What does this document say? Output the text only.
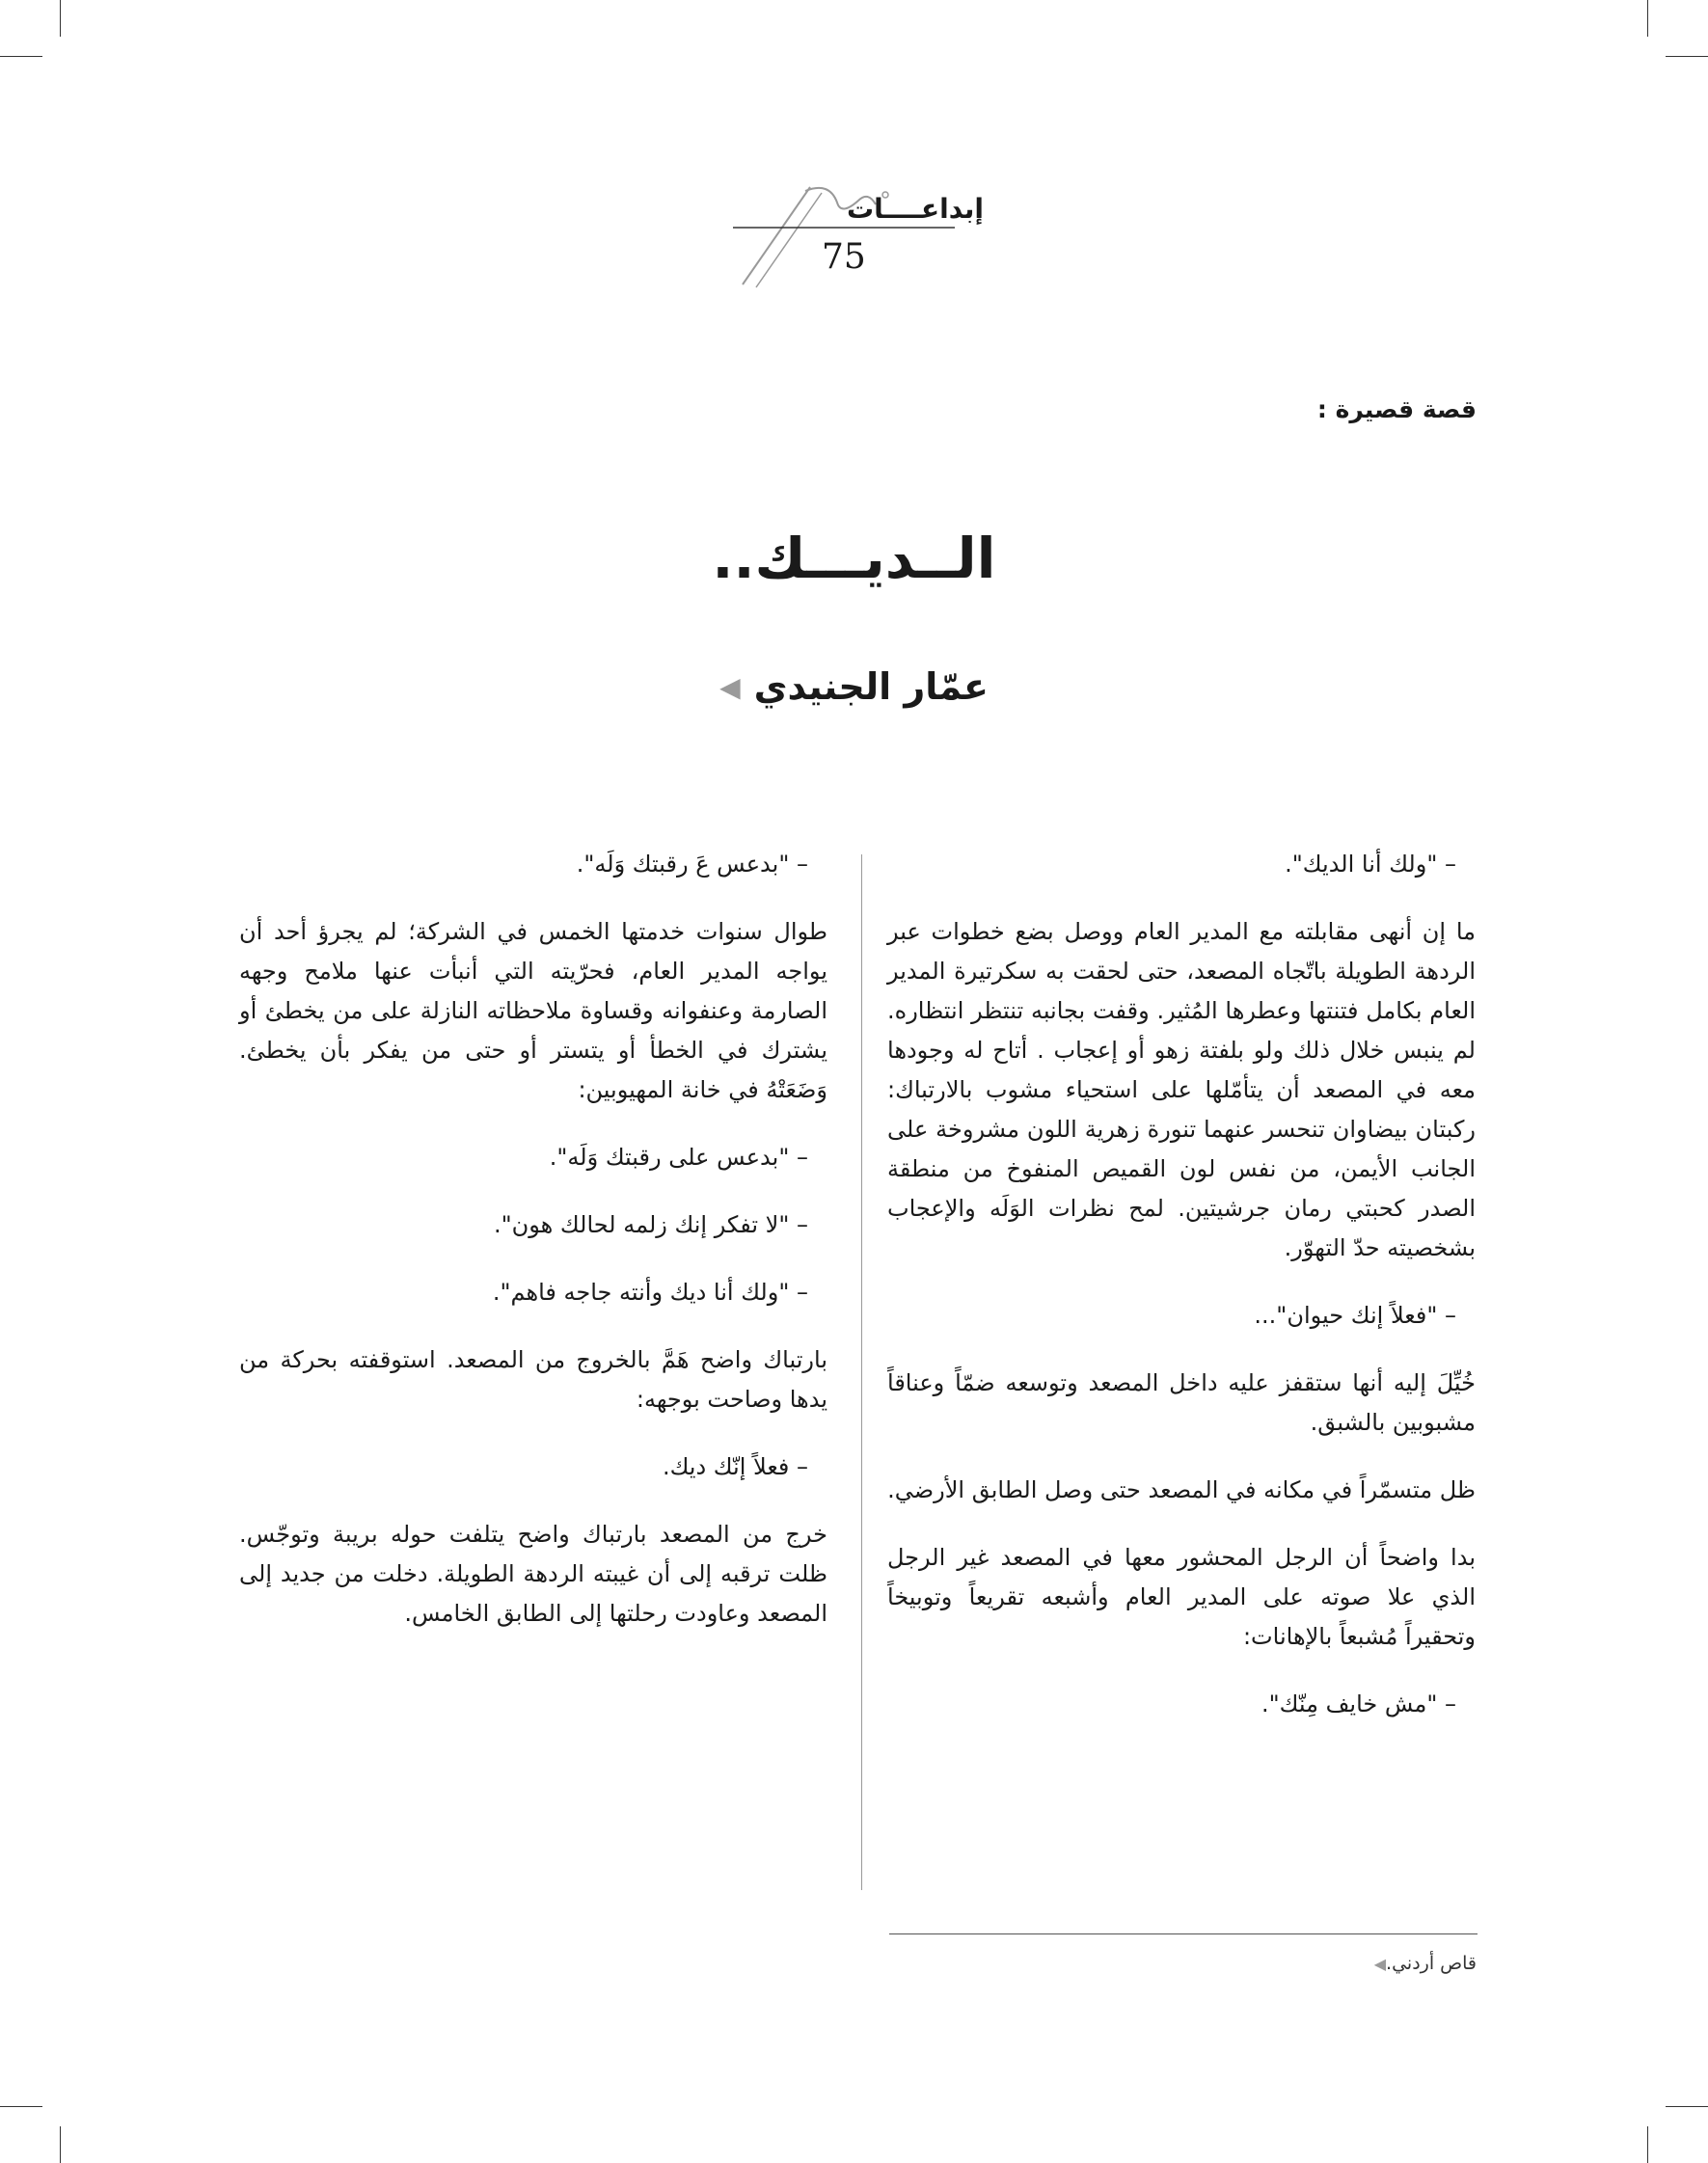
إبداعــــات
75
قصة قصيرة :
الــديـــك..
عمّار الجنيدي◀

– "ولك أنا الديك".

ما إن أنهى مقابلته مع المدير العام ووصل بضع خطوات عبر الردهة الطويلة باتّجاه المصعد، حتى لحقت به سكرتيرة المدير العام بكامل فتنتها وعطرها المُثير. وقفت بجانبه تنتظر انتظاره. لم ينبس خلال ذلك ولو بلفتة زهو أو إعجاب . أتاح له وجودها معه في المصعد أن يتأمّلها على استحياء مشوب بالارتباك: ركبتان بيضاوان تنحسر عنهما تنورة زهرية اللون مشروخة على الجانب الأيمن، من نفس لون القميص المنفوخ من منطقة الصدر كحبتي رمان جرشيتين. لمح نظرات الوَلَه والإعجاب بشخصيته حدّ التهوّر.

– "فعلاً إنك حيوان"...

خُيِّلَ إليه أنها ستقفز عليه داخل المصعد وتوسعه ضمّاً وعناقاً مشبوبين بالشبق.

ظل متسمّراً في مكانه في المصعد حتى وصل الطابق الأرضي.

بدا واضحاً أن الرجل المحشور معها في المصعد غير الرجل الذي علا صوته على المدير العام وأشبعه تقريعاً وتوبيخاً وتحقيراً مُشبعاً بالإهانات:

– "مش خايف مِنّك".

– "بدعس عَ رقبتك وَلَه".

طوال سنوات خدمتها الخمس في الشركة؛ لم يجرؤ أحد أن يواجه المدير العام، فحرّيته التي أنبأت عنها ملامح وجهه الصارمة وعنفوانه وقساوة ملاحظاته النازلة على من يخطئ أو يشترك في الخطأ أو يتستر أو حتى من يفكر بأن يخطئ. وَضَعَتْهُ في خانة المهيوبين:

– "بدعس على رقبتك وَلَه".

– "لا تفكر إنك زلمه لحالك هون".

– "ولك أنا ديك وأنته جاجه فاهم".

بارتباك واضح هَمَّ بالخروج من المصعد. استوقفته بحركة من يدها وصاحت بوجهه:

– فعلاً إنّك ديك.

خرج من المصعد بارتباك واضح يتلفت حوله بريبة وتوجّس. ظلت ترقبه إلى أن غيبته الردهة الطويلة. دخلت من جديد إلى المصعد وعاودت رحلتها إلى الطابق الخامس.

قاص أردني.◀
